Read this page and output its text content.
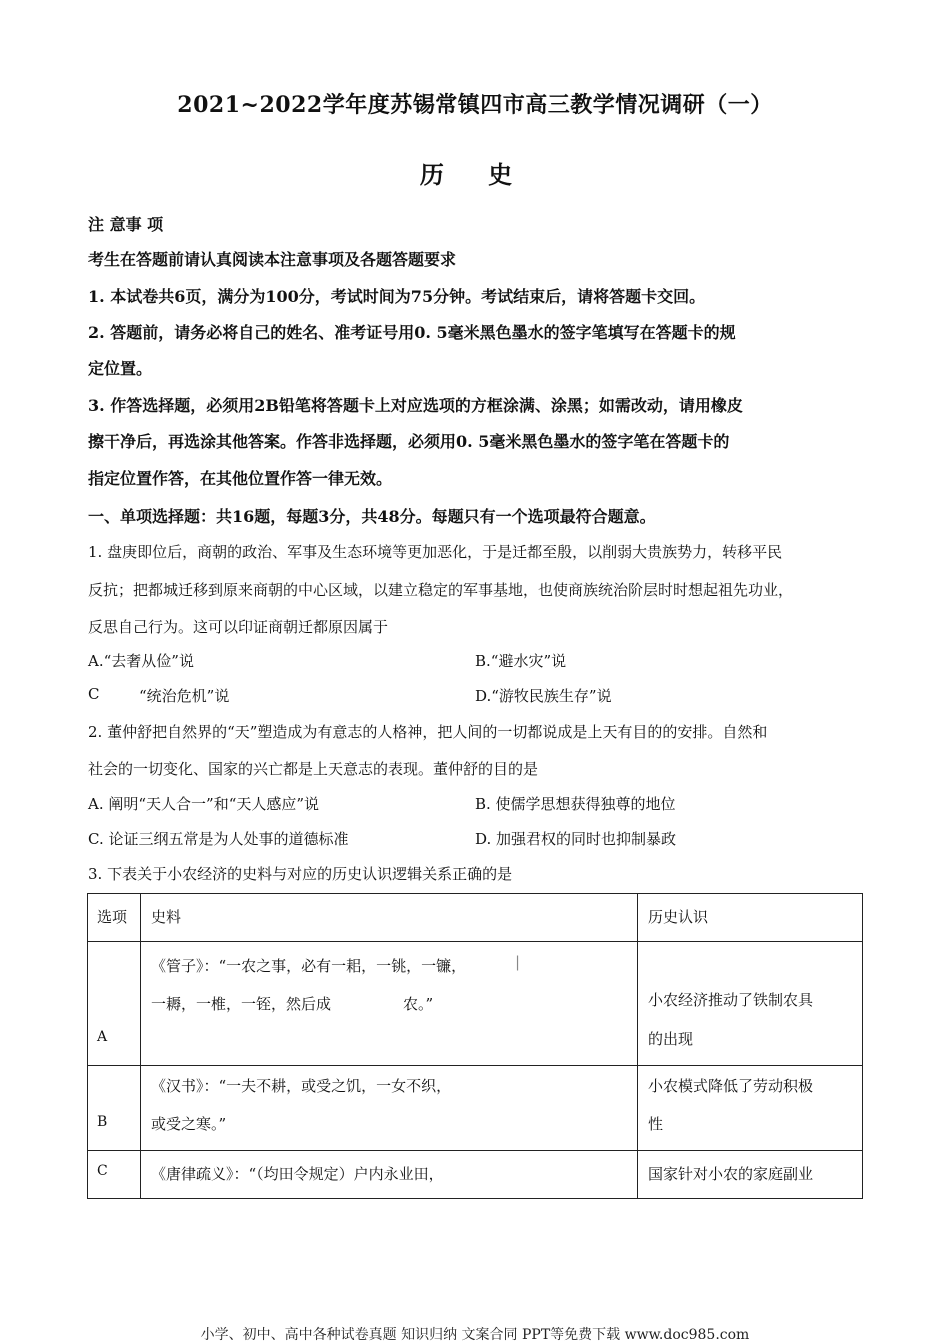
2021~2022学年度苏锡常镇四市高三教学情况调研（一）
历 史
注 意事 项
考生在答题前请认真阅读本注意事项及各题答题要求
1. 本试卷共6页，满分为100分，考试时间为75分钟。考试结束后，请将答题卡交回。
2. 答题前，请务必将自己的姓名、准考证号用0. 5毫米黑色墨水的签字笔填写在答题卡的规
定位置。
3. 作答选择题，必须用2B铅笔将答题卡上对应选项的方框涂满、涂黑；如需改动，请用橡皮
擦干净后，再选涂其他答案。作答非选择题，必须用0. 5毫米黑色墨水的签字笔在答题卡的
指定位置作答，在其他位置作答一律无效。
一、单项选择题：共16题，每题3分，共48分。每题只有一个选项最符合题意。
1. 盘庚即位后，商朝的政治、军事及生态环境等更加恶化，于是迁都至殷，以削弱大贵族势力，转移平民
反抗；把都城迁移到原来商朝的中心区域，以建立稳定的军事基地，也使商族统治阶层时时想起祖先功业，
反思自己行为。这可以印证商朝迁都原因属于
A.“去奢从俭”说	B.“避水灾”说
C	“统治危机”说	D.“游牧民族生存”说
2. 董仲舒把自然界的“天”塑造成为有意志的人格神，把人间的一切都说成是上天有目的的安排。自然和
社会的一切变化、国家的兴亡都是上天意志的表现。董仲舒的目的是
A. 阐明“天人合一”和“天人感应”说	B. 使儒学思想获得独尊的地位
C. 论证三纲五常是为人处事的道德标准	D. 加强君权的同时也抑制暴政
3. 下表关于小农经济的史料与对应的历史认识逻辑关系正确的是
选项	史料	历史认识

A	《管子》：“一农之事，必有一耜，一铫，一镰， |
一耨，一椎，一铚，然后成 农。”	小农经济推动了铁制农具
的出现

B	《汉书》：“一夫不耕，或受之饥，一女不织，
或受之寒。”	小农模式降低了劳动积极
性

C	《唐律疏义》：“（均田令规定）户内永业田，	国家针对小农的家庭副业
小学、初中、高中各种试卷真题 知识归纳 文案合同 PPT等免费下载 www.doc985.com
